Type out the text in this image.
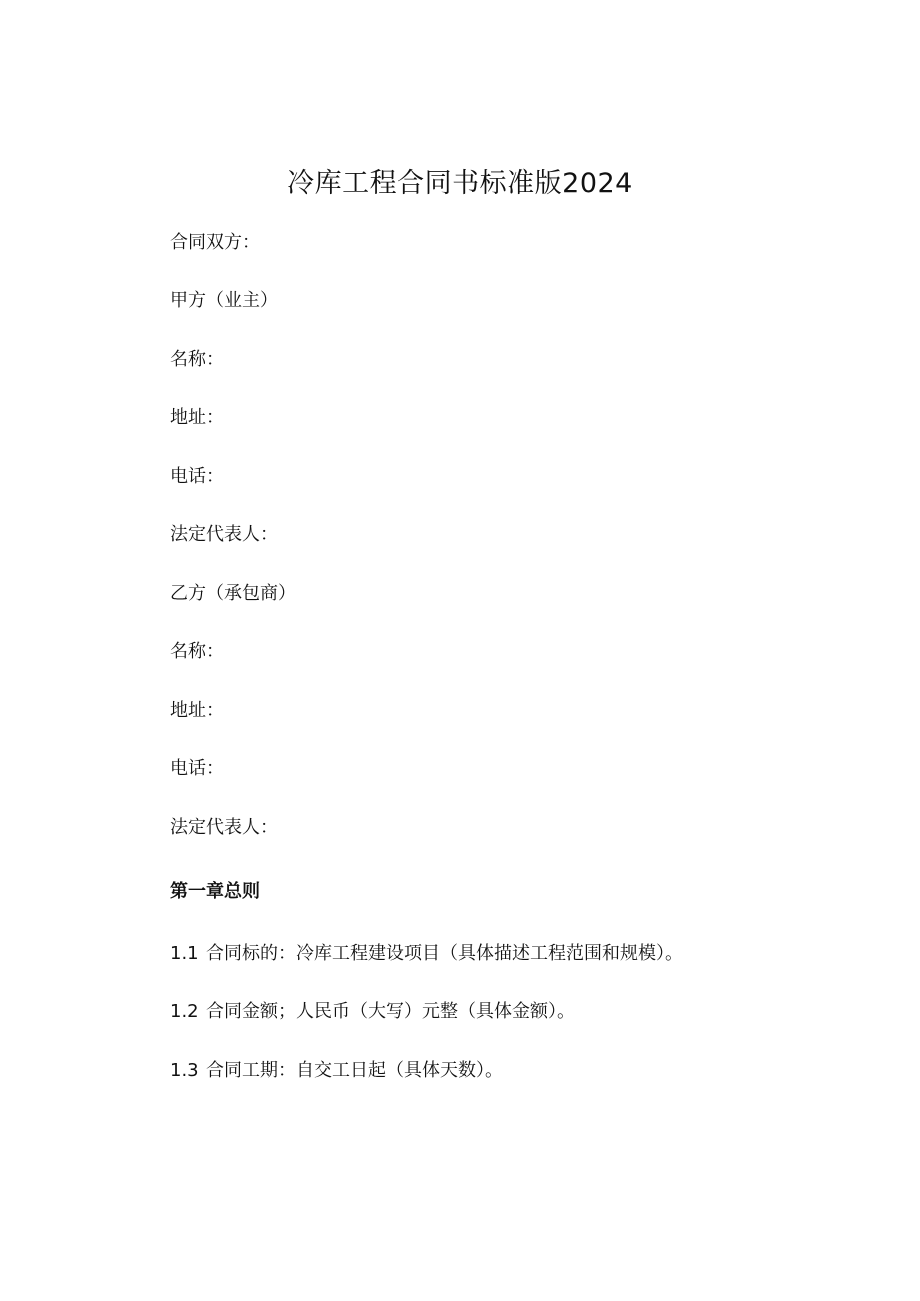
冷库工程合同书标准版2024
合同双方：
甲方（业主）
名称：
地址：
电话：
法定代表人：
乙方（承包商）
名称：
地址：
电话：
法定代表人：
第一章总则
1.1 合同标的：冷库工程建设项目（具体描述工程范围和规模）。
1.2 合同金额；人民币（大写）元整（具体金额）。
1.3 合同工期：自交工日起（具体天数）。
